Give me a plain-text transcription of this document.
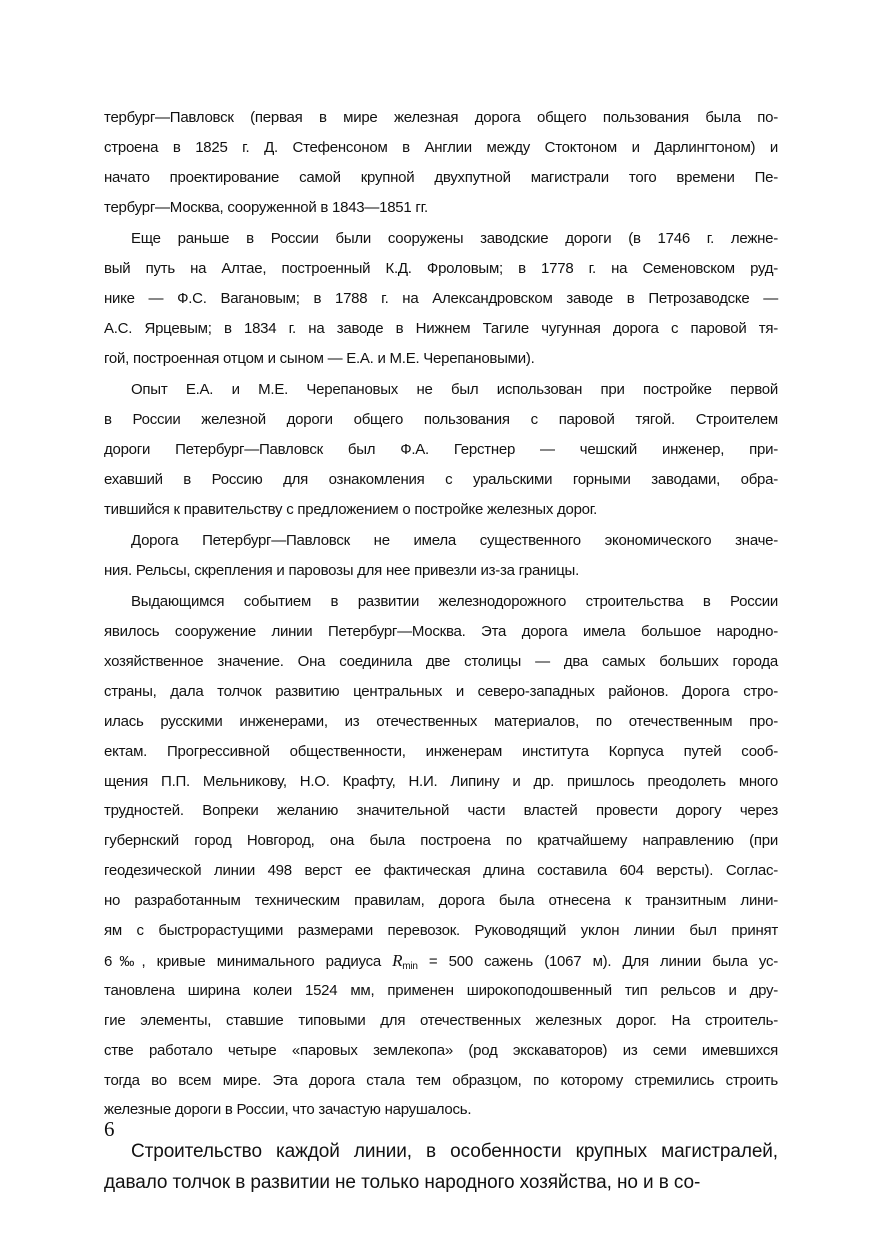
тербург—Павловск (первая в мире железная дорога общего пользования была по-
строена в 1825 г. Д. Стефенсоном в Англии между Стоктоном и Дарлингтоном) и
начато проектирование самой крупной двухпутной магистрали того времени Пе-
тербург—Москва, сооруженной в 1843—1851 гг.
Еще раньше в России были сооружены заводские дороги (в 1746 г. лежне-
вый путь на Алтае, построенный К.Д. Фроловым; в 1778 г. на Семеновском руд-
нике — Ф.С. Вагановым; в 1788 г. на Александровском заводе в Петрозаводске —
А.С. Ярцевым; в 1834 г. на заводе в Нижнем Тагиле чугунная дорога с паровой тя-
гой, построенная отцом и сыном — Е.А. и М.Е. Черепановыми).
Опыт Е.А. и М.Е. Черепановых не был использован при постройке первой
в России железной дороги общего пользования с паровой тягой. Строителем
дороги Петербург—Павловск был Ф.А. Герстнер — чешский инженер, при-
ехавший в Россию для ознакомления с уральскими горными заводами, обра-
тившийся к правительству с предложением о постройке железных дорог.
Дорога Петербург—Павловск не имела существенного экономического значе-
ния. Рельсы, скрепления и паровозы для нее привезли из-за границы.
Выдающимся событием в развитии железнодорожного строительства в России
явилось сооружение линии Петербург—Москва. Эта дорога имела большое народно-
хозяйственное значение. Она соединила две столицы — два самых больших города
страны, дала толчок развитию центральных и северо-западных районов. Дорога стро-
илась русскими инженерами, из отечественных материалов, по отечественным про-
ектам. Прогрессивной общественности, инженерам института Корпуса путей сооб-
щения П.П. Мельникову, Н.О. Крафту, Н.И. Липину и др. пришлось преодолеть много
трудностей. Вопреки желанию значительной части властей провести дорогу через
губернский город Новгород, она была построена по кратчайшему направлению (при
геодезической линии 498 верст ее фактическая длина составила 604 версты). Соглас-
но разработанным техническим правилам, дорога была отнесена к транзитным лини-
ям с быстрорастущими размерами перевозок. Руководящий уклон линии был принят
6‰, кривые минимального радиуса $R_{min} = 500$ сажень (1067 м). Для линии была ус-
тановлена ширина колеи 1524 мм, применен широкоподошвенный тип рельсов и дру-
гие элементы, ставшие типовыми для отечественных железных дорог. На строитель-
стве работало четыре «паровых землекопа» (род экскаваторов) из семи имевшихся
тогда во всем мире. Эта дорога стала тем образцом, по которому стремились строить
железные дороги в России, что зачастую нарушалось.
Строительство каждой линии, в особенности крупных магистралей,
давало толчок в развитии не только народного хозяйства, но и в со-
6
